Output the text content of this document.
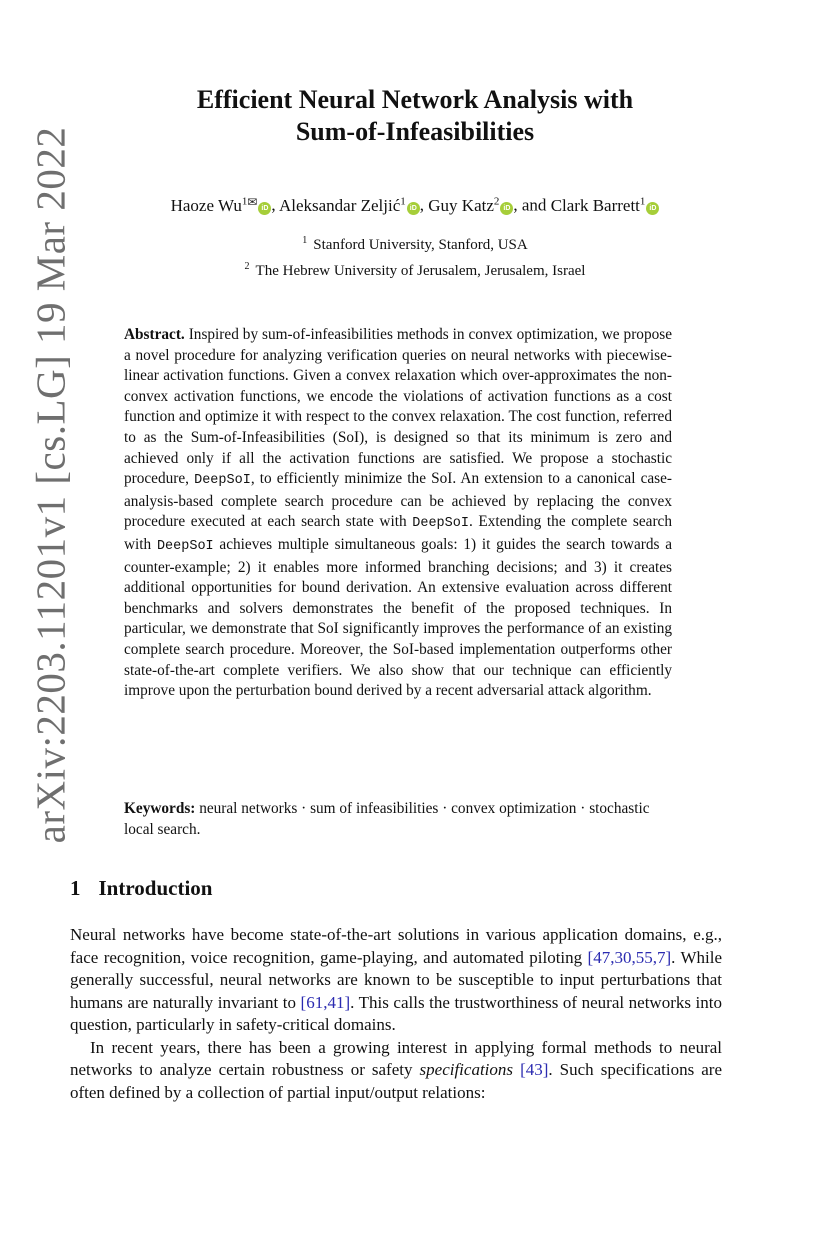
arXiv:2203.11201v1 [cs.LG] 19 Mar 2022
Efficient Neural Network Analysis with
Sum-of-Infeasibilities
Haoze $Wu^{1✉}$ iD , Aleksandar Zeljić$^1$iD , Guy Katz$^2$iD , and Clark Barrett$^1$iD
$^1$ Stanford University, Stanford, USA
$^2$ The Hebrew University of Jerusalem, Jerusalem, Israel

Abstract. Inspired by sum-of-infeasibilities methods in convex optimization, we propose a novel procedure for analyzing verification queries on neural networks with piecewise-linear activation functions. Given a convex relaxation which over-approximates the non-convex activation functions, we encode the violations of activation functions as a cost function and optimize it with respect to the convex relaxation. The cost function, referred to as the Sum-of-Infeasibilities (SoI), is designed so that its minimum is zero and achieved only if all the activation functions are satisfied. We propose a stochastic procedure, DeepSoI, to efficiently minimize the SoI. An extension to a canonical case-analysis-based complete search procedure can be achieved by replacing the convex procedure executed at each search state with DeepSoI. Extending the complete search with DeepSoI achieves multiple simultaneous goals: 1) it guides the search towards a counter-example; 2) it enables more informed branching decisions; and 3) it creates additional opportunities for bound derivation. An extensive evaluation across different benchmarks and solvers demonstrates the benefit of the proposed techniques. In particular, we demonstrate that SoI significantly improves the performance of an existing complete search procedure. Moreover, the SoI-based implementation outperforms other state-of-the-art complete verifiers. We also show that our technique can efficiently improve upon the perturbation bound derived by a recent adversarial attack algorithm.

Keywords: neural networks · sum of infeasibilities · convex optimization · stochastic local search.

1 Introduction

Neural networks have become state-of-the-art solutions in various application domains, e.g., face recognition, voice recognition, game-playing, and automated piloting [47,30,55,7]. While generally successful, neural networks are known to be susceptible to input perturbations that humans are naturally invariant to [61,41]. This calls the trustworthiness of neural networks into question, particularly in safety-critical domains.

In recent years, there has been a growing interest in applying formal methods to neural networks to analyze certain robustness or safety specifications [43]. Such specifications are often defined by a collection of partial input/output relations:
